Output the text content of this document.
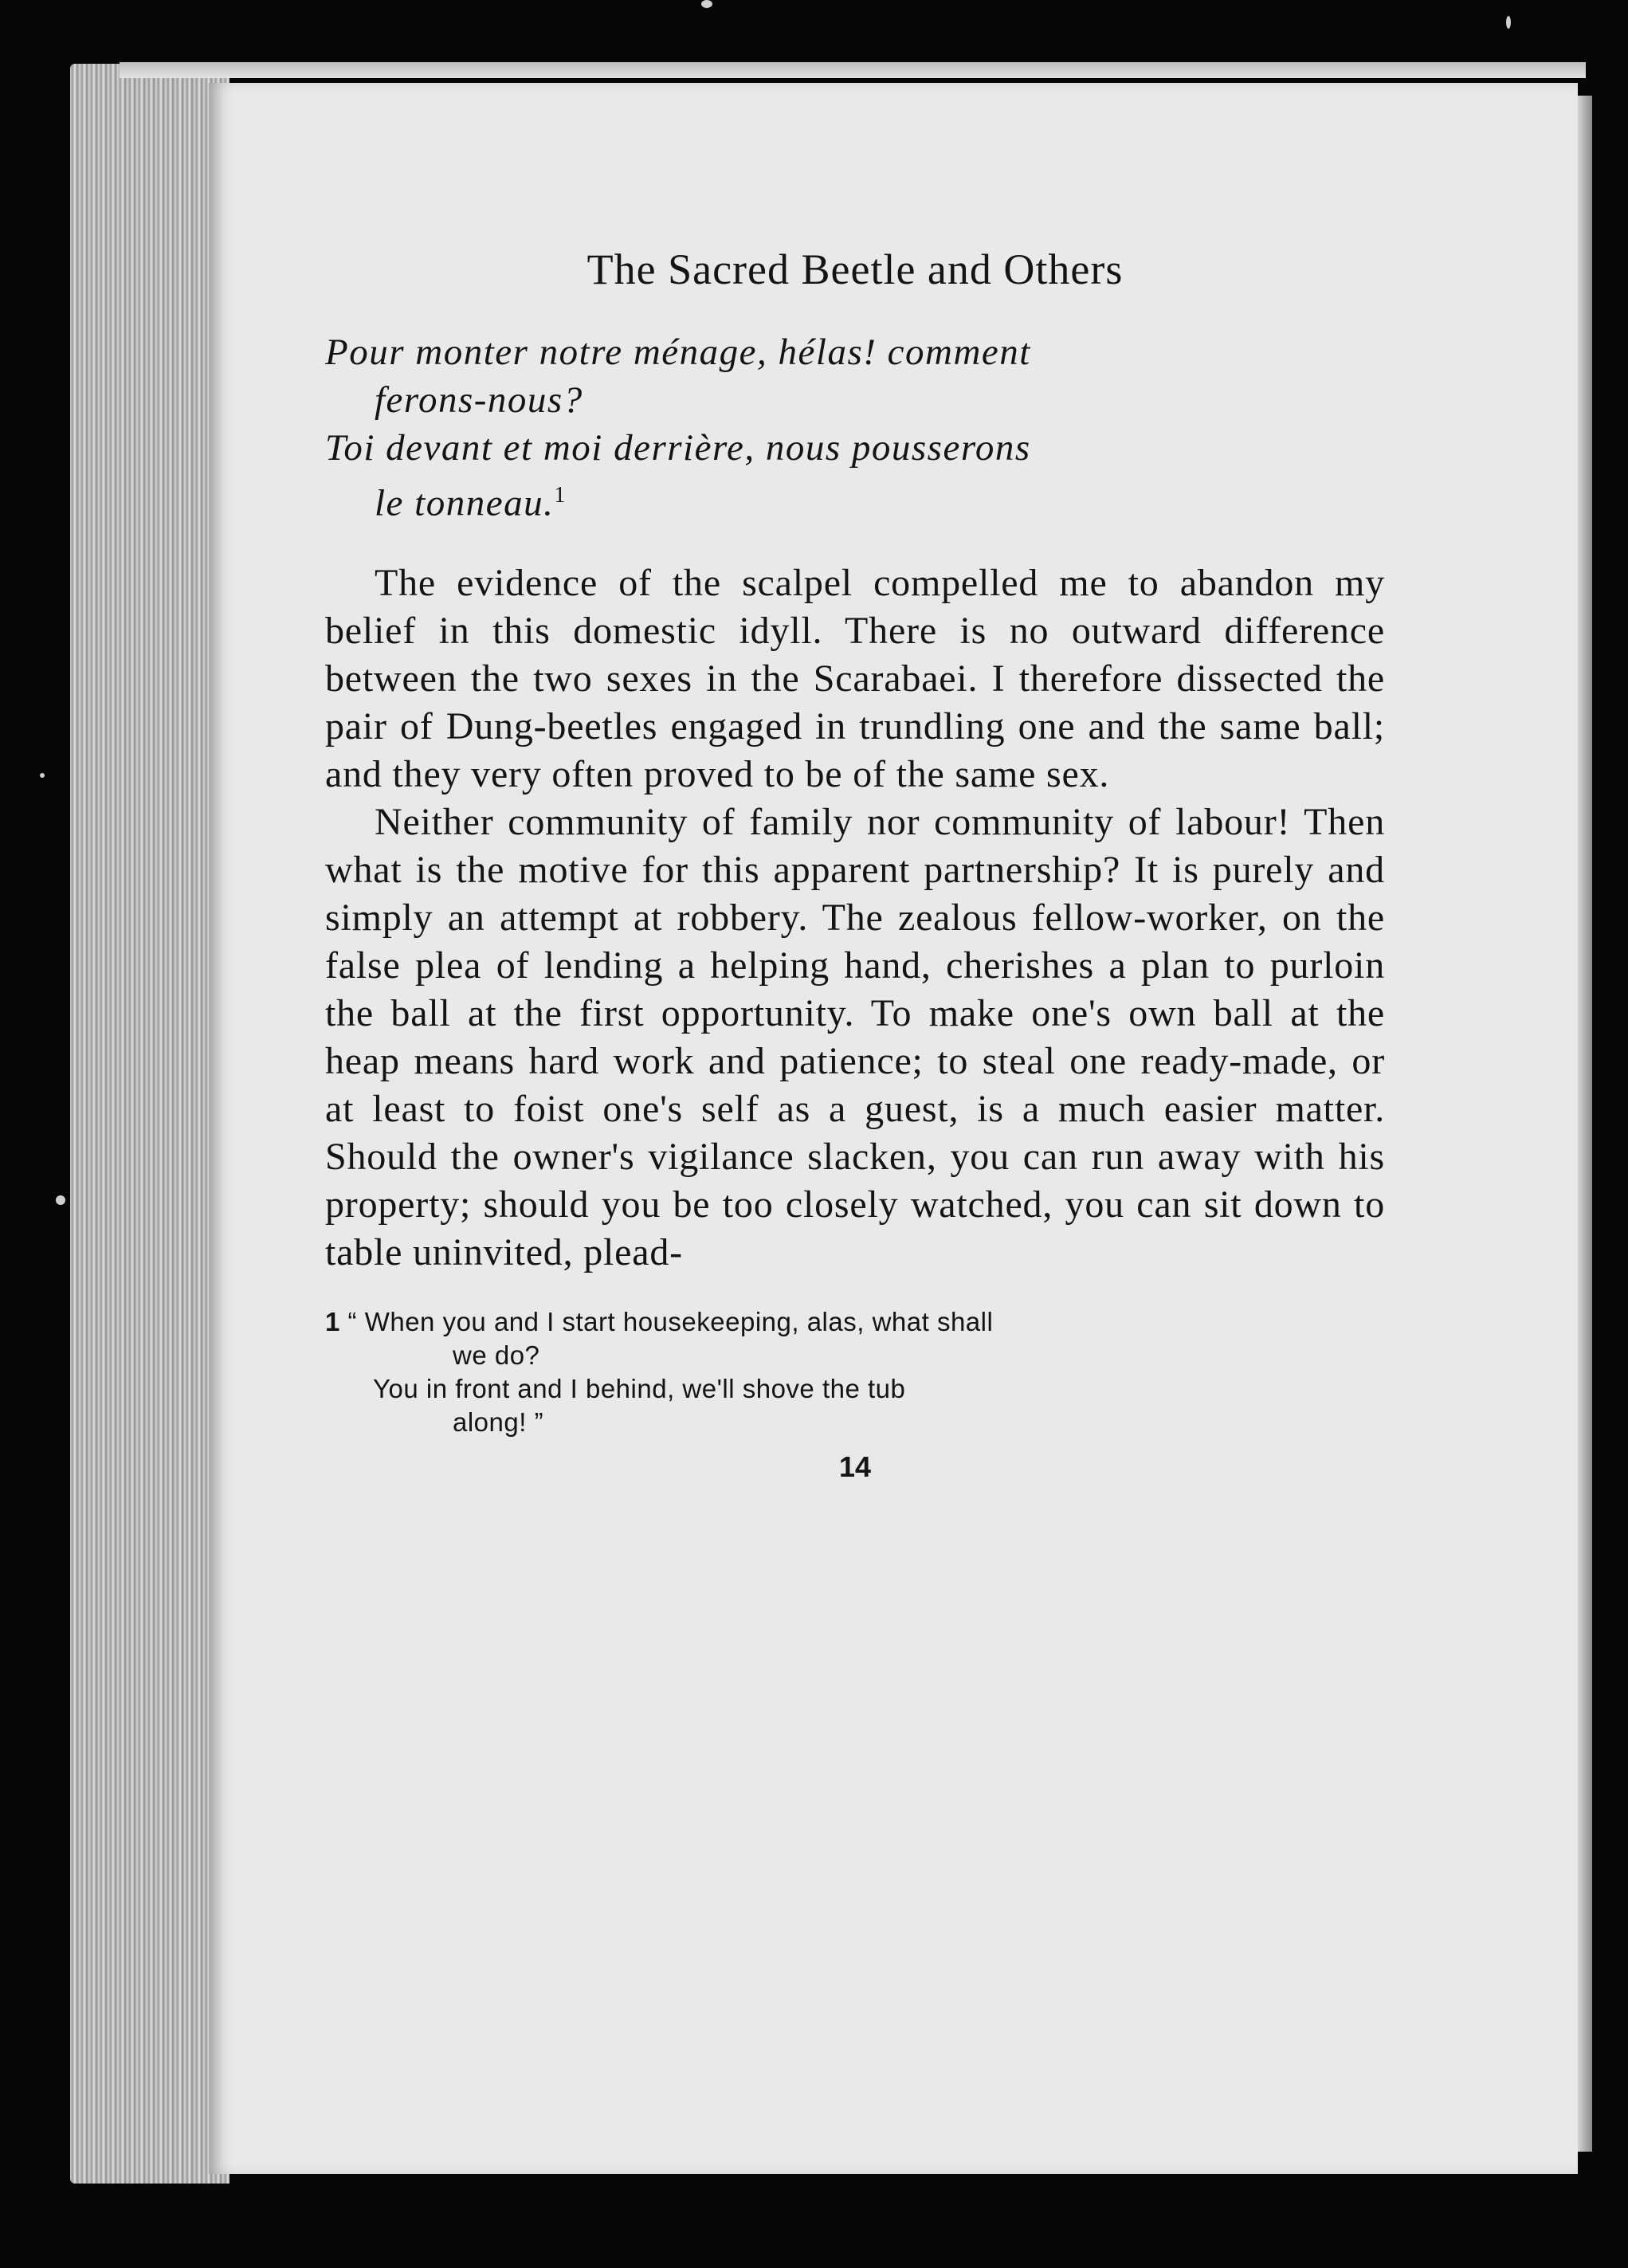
The Sacred Beetle and Others
Pour monter notre ménage, hélas! comment
ferons-nous?
Toi devant et moi derrière, nous pousserons
le tonneau.$^1$

The evidence of the scalpel compelled me to abandon my belief in this domestic idyll. There is no outward difference between the two sexes in the Scarabaei. I therefore dissected the pair of Dung-beetles engaged in trundling one and the same ball; and they very often proved to be of the same sex.

Neither community of family nor community of labour! Then what is the motive for this apparent partnership? It is purely and simply an attempt at robbery. The zealous fellow-worker, on the false plea of lending a helping hand, cherishes a plan to purloin the ball at the first opportunity. To make one's own ball at the heap means hard work and patience; to steal one ready-made, or at least to foist one's self as a guest, is a much easier matter. Should the owner's vigilance slacken, you can run away with his property; should you be too closely watched, you can sit down to table uninvited, plead-

1 “ When you and I start housekeeping, alas, what shall
we do?
You in front and I behind, we'll shove the tub
along! ”
14
